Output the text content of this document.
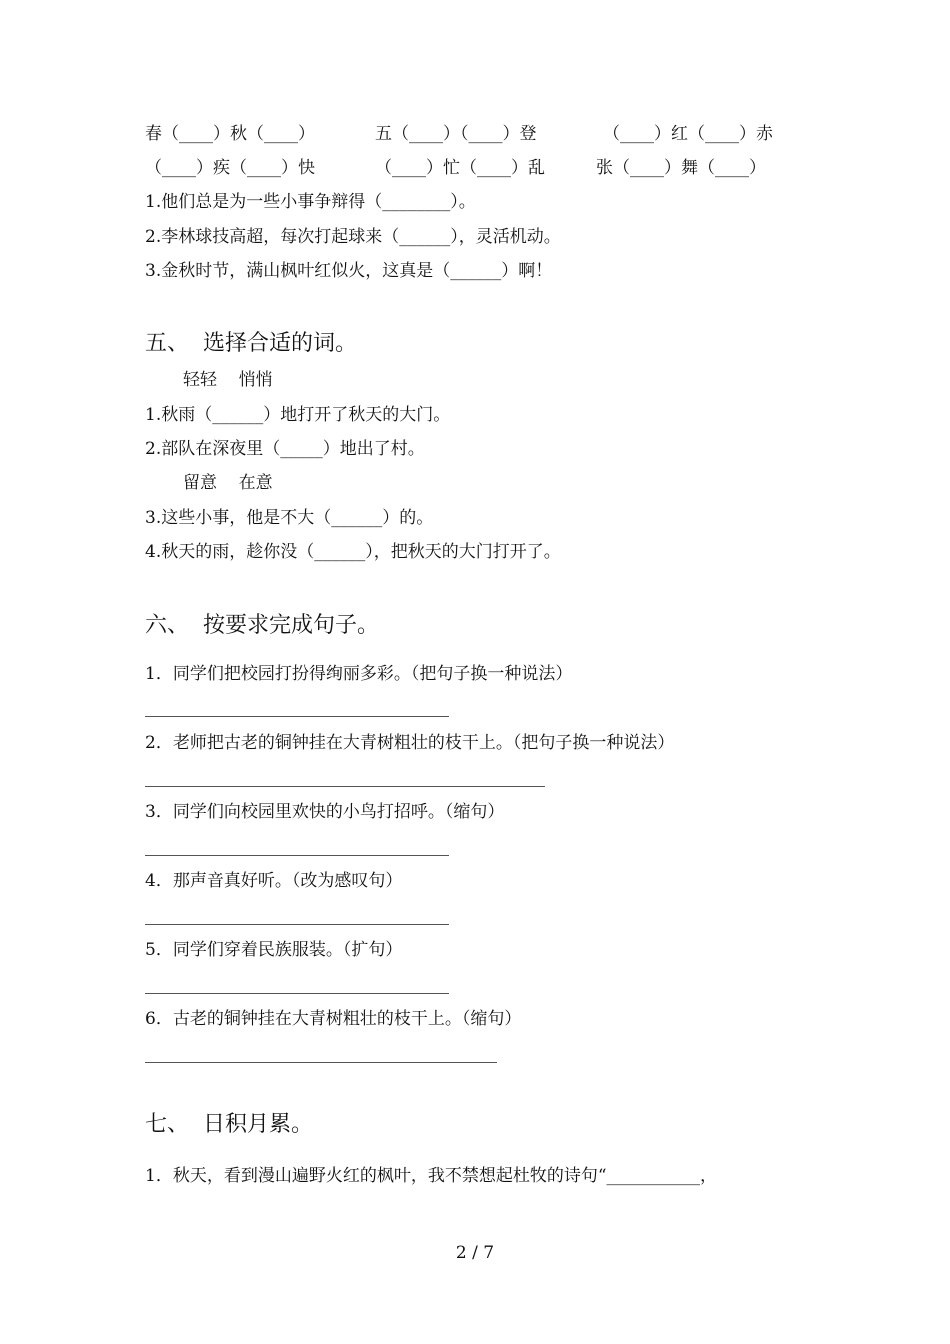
春（____）秋（____）	五（____）（____）登	（____）红（____）赤
（____）疾（____）快	（____）忙（____）乱	张（____）舞（____）
1.他们总是为一些小事争辩得（________）。
2.李林球技高超，每次打起球来（______），灵活机动。
3.金秋时节，满山枫叶红似火，这真是（______）啊！
五、  选择合适的词。
轻轻    悄悄
1.秋雨（______）地打开了秋天的大门。
2.部队在深夜里（_____）地出了村。
留意    在意
3.这些小事，他是不大（______）的。
4.秋天的雨，趁你没（______），把秋天的大门打开了。
六、  按要求完成句子。
1．同学们把校园打扮得绚丽多彩。（把句子换一种说法）
2．老师把古老的铜钟挂在大青树粗壮的枝干上。（把句子换一种说法）
3．同学们向校园里欢快的小鸟打招呼。（缩句）
4．那声音真好听。（改为感叹句）
5．同学们穿着民族服装。（扩句）
6．古老的铜钟挂在大青树粗壮的枝干上。（缩句）
七、  日积月累。
1．秋天，看到漫山遍野火红的枫叶，我不禁想起杜牧的诗句“___________，
2 / 7
